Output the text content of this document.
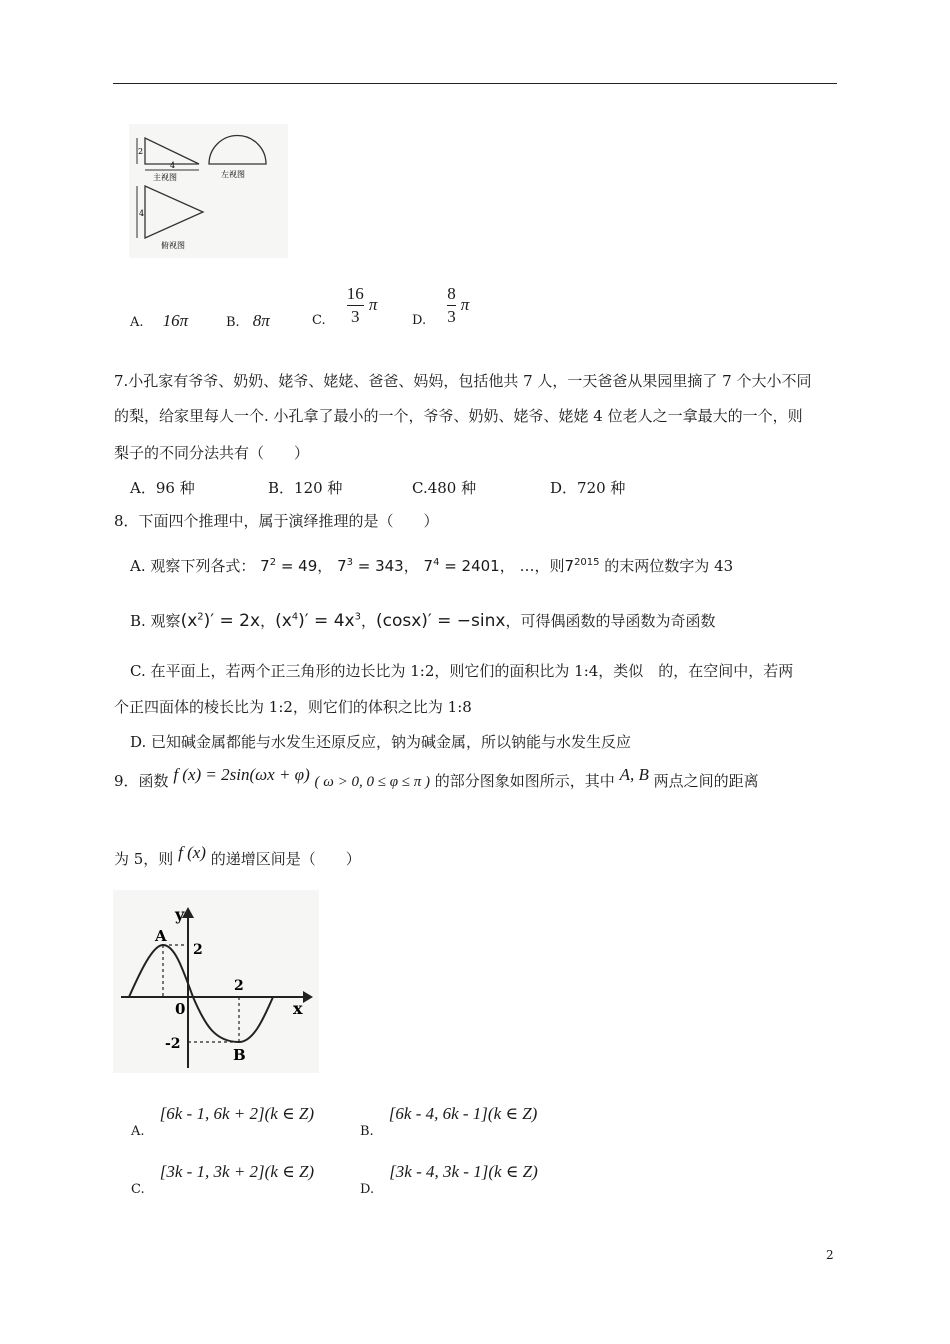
2
4
主视图	左视图
4
俯视图
A. 16π	B. 8π	$_{C.} \frac{16}{3}$ π
$_{D.} \frac{8}{3}$ π
7.小孔家有爷爷、奶奶、姥爷、姥姥、爸爸、妈妈，包括他共 7 人，一天爸爸从果园里摘了 7 个大小不同
的梨，给家里每人一个. 小孔拿了最小的一个，爷爷、奶奶、姥爷、姥姥 4 位老人之一拿最大的一个，则
梨子的不同分法共有（　　）
A．96 种	B．120 种	C.480 种	D．720 种
8．下面四个推理中，属于演绎推理的是（　　）
A. 观察下列各式： $7^2 = 49$， $7^3 = 343$， $7^4 = 2401$， …，则$7^{2015}$ 的末两位数字为 43
B. 观察$(x^2)' = 2x$，$(x^4)' = 4x^3$，(cosx)′ = −sinx，可得偶函数的导函数为奇函数
C. 在平面上，若两个正三角形的边长比为 1:2，则它们的面积比为 1:4，类似　的，在空间中，若两
个正四面体的棱长比为 1:2，则它们的体积之比为 1:8
D. 已知碱金属都能与水发生还原反应，钠为碱金属，所以钠能与水发生反应
9．函数 f (x) = 2sin(ωx + φ) ( ω > 0, 0 ≤ φ ≤ π ) 的部分图象如图所示，其中 A, B 两点之间的距离
为 5，则 f (x) 的递增区间是（　　）
y
x
A
B
0
2
2
-2
$_{A.}$ [6k - 1, 6k + 2](k ∈ Z)
$_{B.}$ [6k - 4, 6k - 1](k ∈ Z)
$_{C.}$ [3k - 1, 3k + 2](k ∈ Z)
$_{D.}$ [3k - 4, 3k - 1](k ∈ Z)
2
